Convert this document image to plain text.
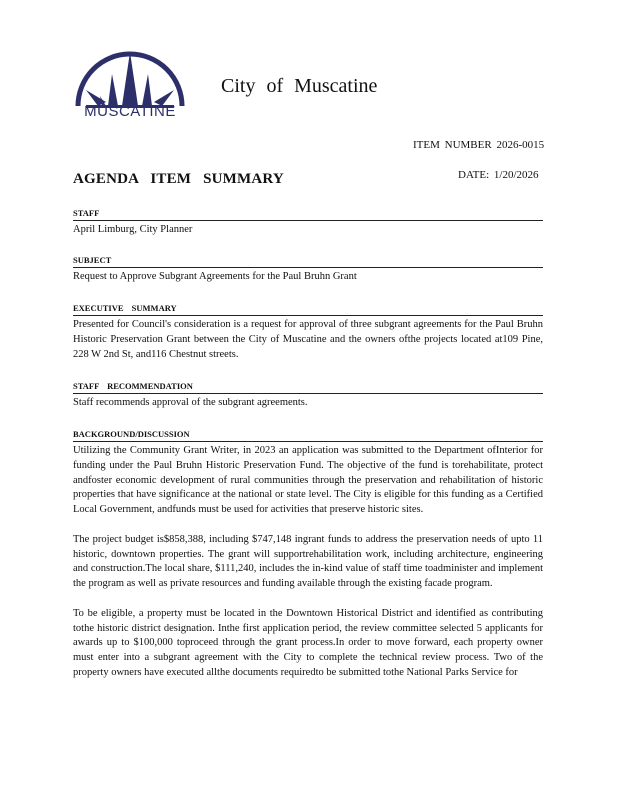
MUSCATINE
City of Muscatine
ITEM NUMBER 2026-0015
AGENDA ITEM SUMMARY	DATE: 1/20/2026
STAFF
April Limburg, City Planner
SUBJECT
Request to Approve Subgrant Agreements for the Paul Bruhn Grant
EXECUTIVE SUMMARY
Presented for Council's consideration is a request for approval of three subgrant agreements for the Paul Bruhn Historic Preservation Grant between the City of Muscatine and the owners ofthe projects located at109 Pine, 228 W 2nd St, and116 Chestnut streets.
STAFF RECOMMENDATION
Staff recommends approval of the subgrant agreements.
BACKGROUND/DISCUSSION

Utilizing the Community Grant Writer, in 2023 an application was submitted to the Department ofInterior for funding under the Paul Bruhn Historic Preservation Fund. The objective of the fund is torehabilitate, protect andfoster economic development of rural communities through the preservation and rehabilitation of historic properties that have significance at the national or state level. The City is eligible for this funding as a Certified Local Government, andfunds must be used for activities that preserve historic sites.

The project budget is$858,388, including $747,148 ingrant funds to address the preservation needs of upto 11 historic, downtown properties. The grant will supportrehabilitation work, including architecture, engineering and construction.The local share, $111,240, includes the in-kind value of staff time toadminister and implement the program as well as private resources and funding available through the existing facade program.

To be eligible, a property must be located in the Downtown Historical District and identified as contributing tothe historic district designation. Inthe first application period, the review committee selected 5 applicants for awards up to $100,000 toproceed through the grant process.In order to move forward, each property owner must enter into a subgrant agreement with the City to complete the technical review process. Two of the property owners have executed allthe documents requiredto be submitted tothe National Parks Service for
